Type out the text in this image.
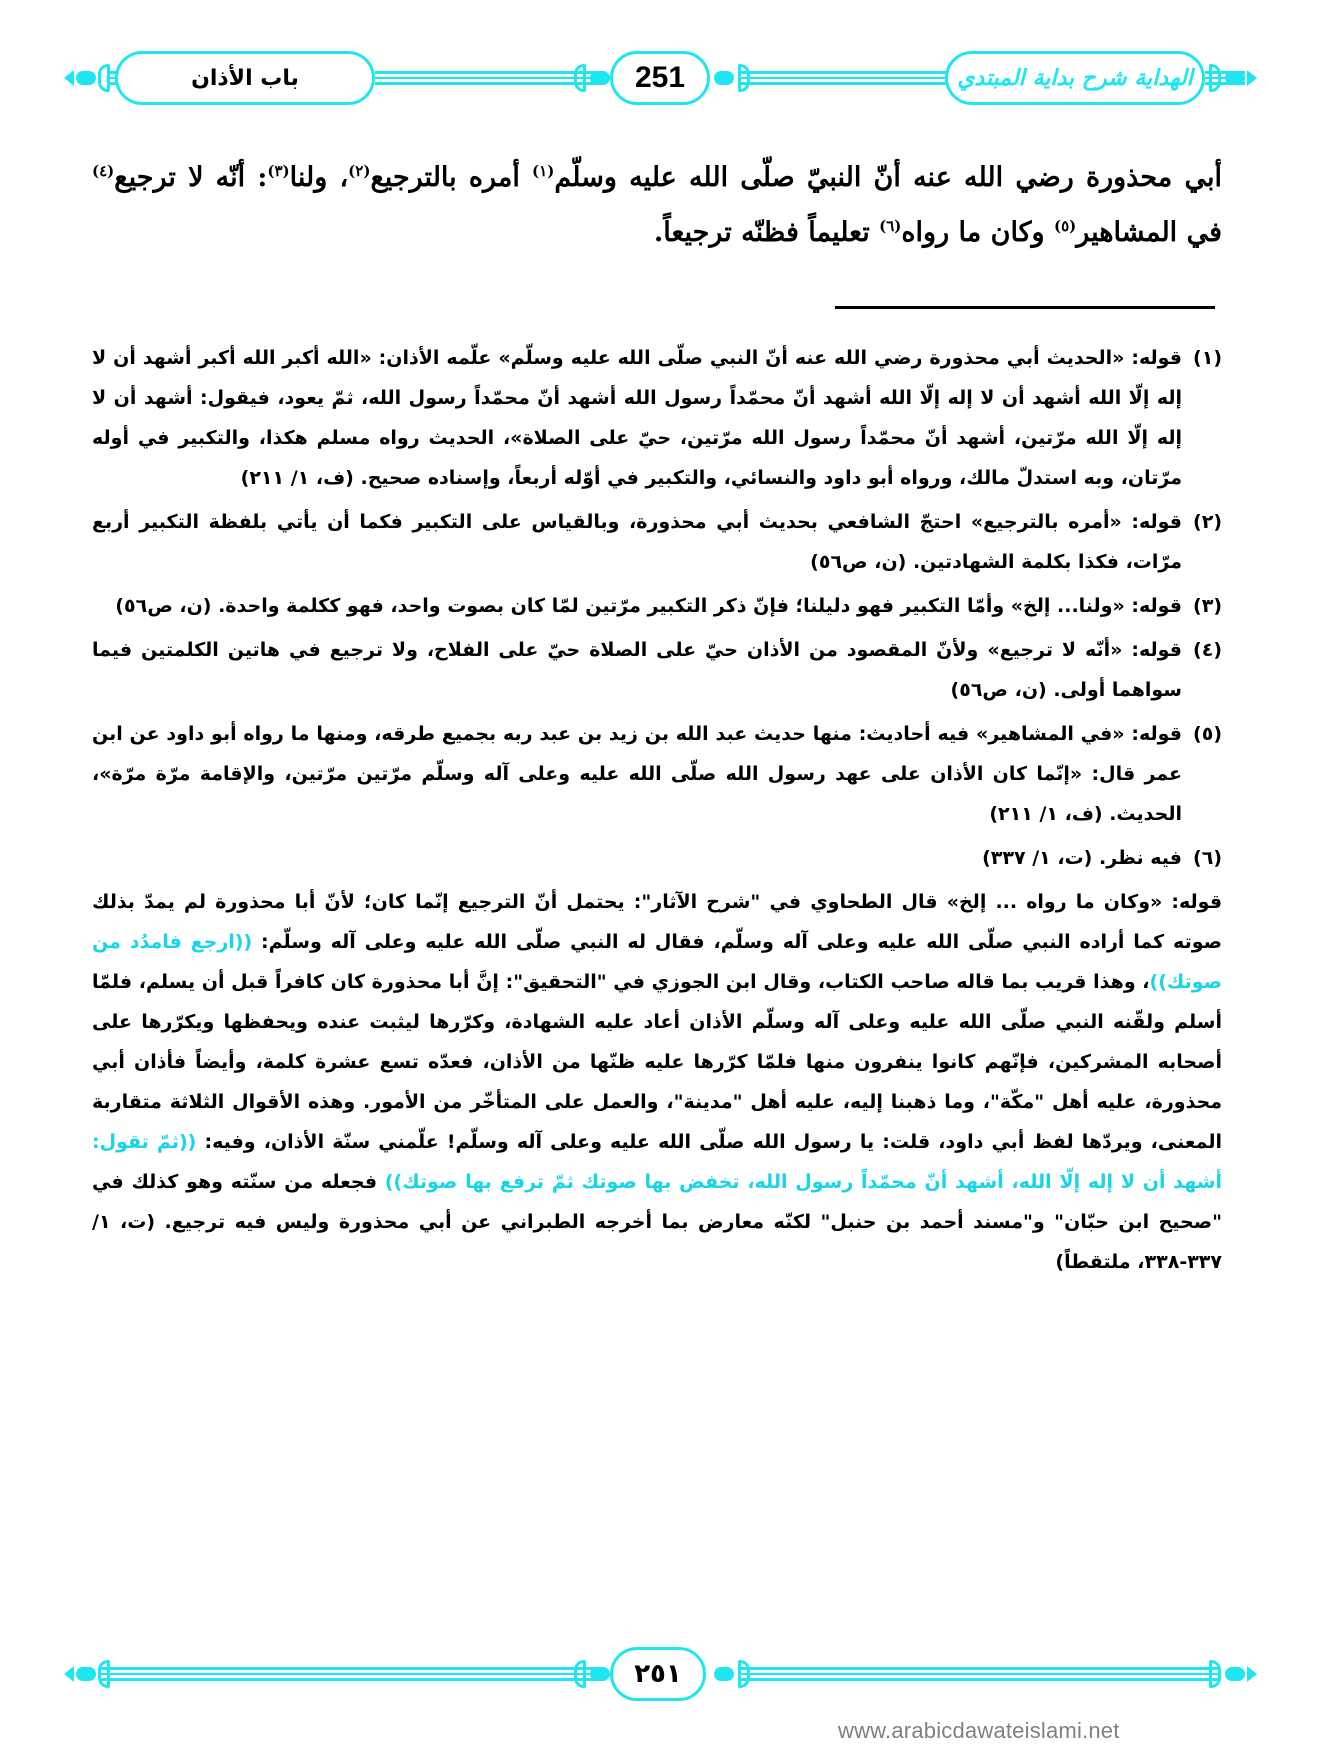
باب الأذان	251	الهداية شرح بداية المبتدي
أبي محذورة رضي الله عنه أنّ النبيّ صلّى الله عليه وسلّم$^{(١)}$ أمره بالترجيع$^{(٢)}$، ولنا$^{(٣)}$: أنّه لا ترجيع$^{(٤)}$ في المشاهير$^{(٥)}$ وكان ما رواه$^{(٦)}$ تعليماً فظنّه ترجيعاً.

(١)
قوله: «الحديث أبي محذورة رضي الله عنه أنّ النبي صلّى الله عليه وسلّم» علّمه الأذان: «الله أكبر الله أكبر أشهد أن لا إله إلّا الله أشهد أن لا إله إلّا الله أشهد أنّ محمّداً رسول الله أشهد أنّ محمّداً رسول الله، ثمّ يعود، فيقول: أشهد أن لا إله إلّا الله مرّتين، أشهد أنّ محمّداً رسول الله مرّتين، حيّ على الصلاة»، الحديث رواه مسلم هكذا، والتكبير في أوله مرّتان، وبه استدلّ مالك، ورواه أبو داود والنسائي، والتكبير في أوّله أربعاً، وإسناده صحيح. (ف، ١/ ٢١١)

(٢)
قوله: «أمره بالترجيع» احتجّ الشافعي بحديث أبي محذورة، وبالقياس على التكبير فكما أن يأتي بلفظة التكبير أربع مرّات، فكذا بكلمة الشهادتين. (ن، ص٥٦)

(٣)
قوله: «ولنا... إلخ» وأمّا التكبير فهو دليلنا؛ فإنّ ذكر التكبير مرّتين لمّا كان بصوت واحد، فهو ككلمة واحدة. (ن، ص٥٦)

(٤)
قوله: «أنّه لا ترجيع» ولأنّ المقصود من الأذان حيّ على الصلاة حيّ على الفلاح، ولا ترجيع في هاتين الكلمتين فيما سواهما أولى. (ن، ص٥٦)

(٥)
قوله: «في المشاهير» فيه أحاديث: منها حديث عبد الله بن زيد بن عبد ربه بجميع طرقه، ومنها ما رواه أبو داود عن ابن عمر قال: «إنّما كان الأذان على عهد رسول الله صلّى الله عليه وعلى آله وسلّم مرّتين مرّتين، والإقامة مرّة مرّة»، الحديث. (ف، ١/ ٢١١)

(٦)
فيه نظر. (ت، ١/ ٣٣٧)

قوله: «وكان ما رواه ... إلخ» قال الطحاوي في "شرح الآثار": يحتمل أنّ الترجيع إنّما كان؛ لأنّ أبا محذورة لم يمدّ بذلك صوته كما أراده النبي صلّى الله عليه وعلى آله وسلّم، فقال له النبي صلّى الله عليه وعلى آله وسلّم: ((ارجع فامدُد من صوتك))، وهذا قريب بما قاله صاحب الكتاب، وقال ابن الجوزي في "التحقيق": إنَّ أبا محذورة كان كافراً قبل أن يسلم، فلمّا أسلم ولقّنه النبي صلّى الله عليه وعلى آله وسلّم الأذان أعاد عليه الشهادة، وكرّرها ليثبت عنده ويحفظها ويكرّرها على أصحابه المشركين، فإنّهم كانوا ينفرون منها فلمّا كرّرها عليه ظنّها من الأذان، فعدّه تسع عشرة كلمة، وأيضاً فأذان أبي محذورة، عليه أهل "مكّة"، وما ذهبنا إليه، عليه أهل "مدينة"، والعمل على المتأخّر من الأمور. وهذه الأقوال الثلاثة متقاربة المعنى، ويردّها لفظ أبي داود، قلت: يا رسول الله صلّى الله عليه وعلى آله وسلّم! علّمني سنّة الأذان، وفيه: ((ثمّ تقول: أشهد أن لا إله إلّا الله، أشهد أنّ محمّداً رسول الله، تخفض بها صوتك ثمّ ترفع بها صوتك)) فجعله من سنّته وهو كذلك في "صحيح ابن حبّان" و"مسند أحمد بن حنبل" لكنّه معارض بما أخرجه الطبراني عن أبي محذورة وليس فيه ترجيع. (ت، ١/ ٣٣٧-٣٣٨، ملتقطاً)

٢٥١
www.arabicdawateislami.net
